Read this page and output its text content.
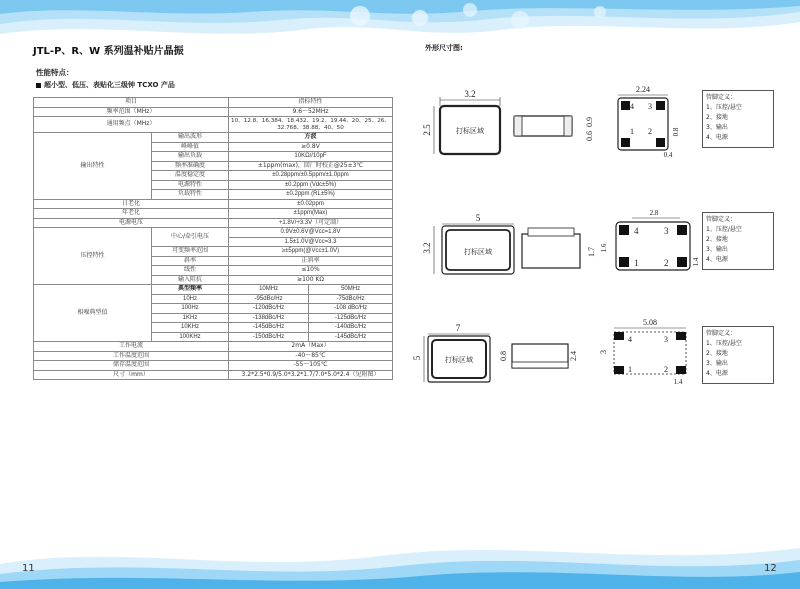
JTL-P、R、W 系列温补贴片晶振	外形尺寸图:
性能特点：
超小型、低压、表贴化三级钟 TCXO 产品
项目		指标特性	
频率范围（MHz）		9.6～52MHz	
通用频点（MHz）		10、12.8、16.384、18.432、19.2、19.44、20、25、26、32.768、38.88、40、50	
输出特性	输出波形	方波	
	峰峰值	≥0.8V	
	输出负载	10KΩ//10pF	
	频率准确度	±1ppm(max)，回厂时校正@25±3℃	
	温度稳定度	±0.28ppm/±0.5ppm/±1.0ppm	
	电源特性	±0.2ppm (Vdc±5%)	
	负载特性	±0.2ppm (RL±5%)	
日老化		±0.02ppm	
年老化		±1ppm(Max)	
电源电压		+1.8V/+3.3V（可定制）	
压控特性	中心/牵引电压	0.9V±0.6V@Vcc=1.8V	
		1.5±1.0V@Vcc=3.3	
	可变频率范围	≥±5ppm(@Vcc±1.0V)	
	斜率	正斜率	
	线性	≤10%	
	输入阻抗	≥100 KΩ	
相噪典型值	典型频率	10MHz	50MHz
	10Hz	-95dBc/Hz	-75dBc/Hz
	100Hz	-120dBc/Hz	-108 dBc/Hz
	1KHz	-138dBc/Hz	-125dBc/Hz
	10KHz	-145dBc/Hz	-140dBc/Hz
	100KHz	-150dBc/Hz	-145dBc/Hz
工作电流		2mA（Max）	
工作温度范围		-40～85℃	
储存温度范围		-55～105℃	
尺寸（mm）		3.2*2.5*0.9/5.0*3.2*1.7/7.0*5.0*2.4（见附图）	
3.2
2.5	打标区域
0.9
0.6
2.24
4 3
1 2	0.8
0.4
管脚定义：
1、压控/悬空
2、接地
3、输出
4、电源
5
3.2	打标区域	1.7
2.8
1.6
4	3
1	2	1.4
管脚定义：
1、压控/悬空
2、接地
3、输出
4、电源
7
5	打标区域	0.8	2.4
5.08
3
4	3
1	2
1.4
管脚定义：
1、压控/悬空
2、接地
3、输出
4、电源
11	12
